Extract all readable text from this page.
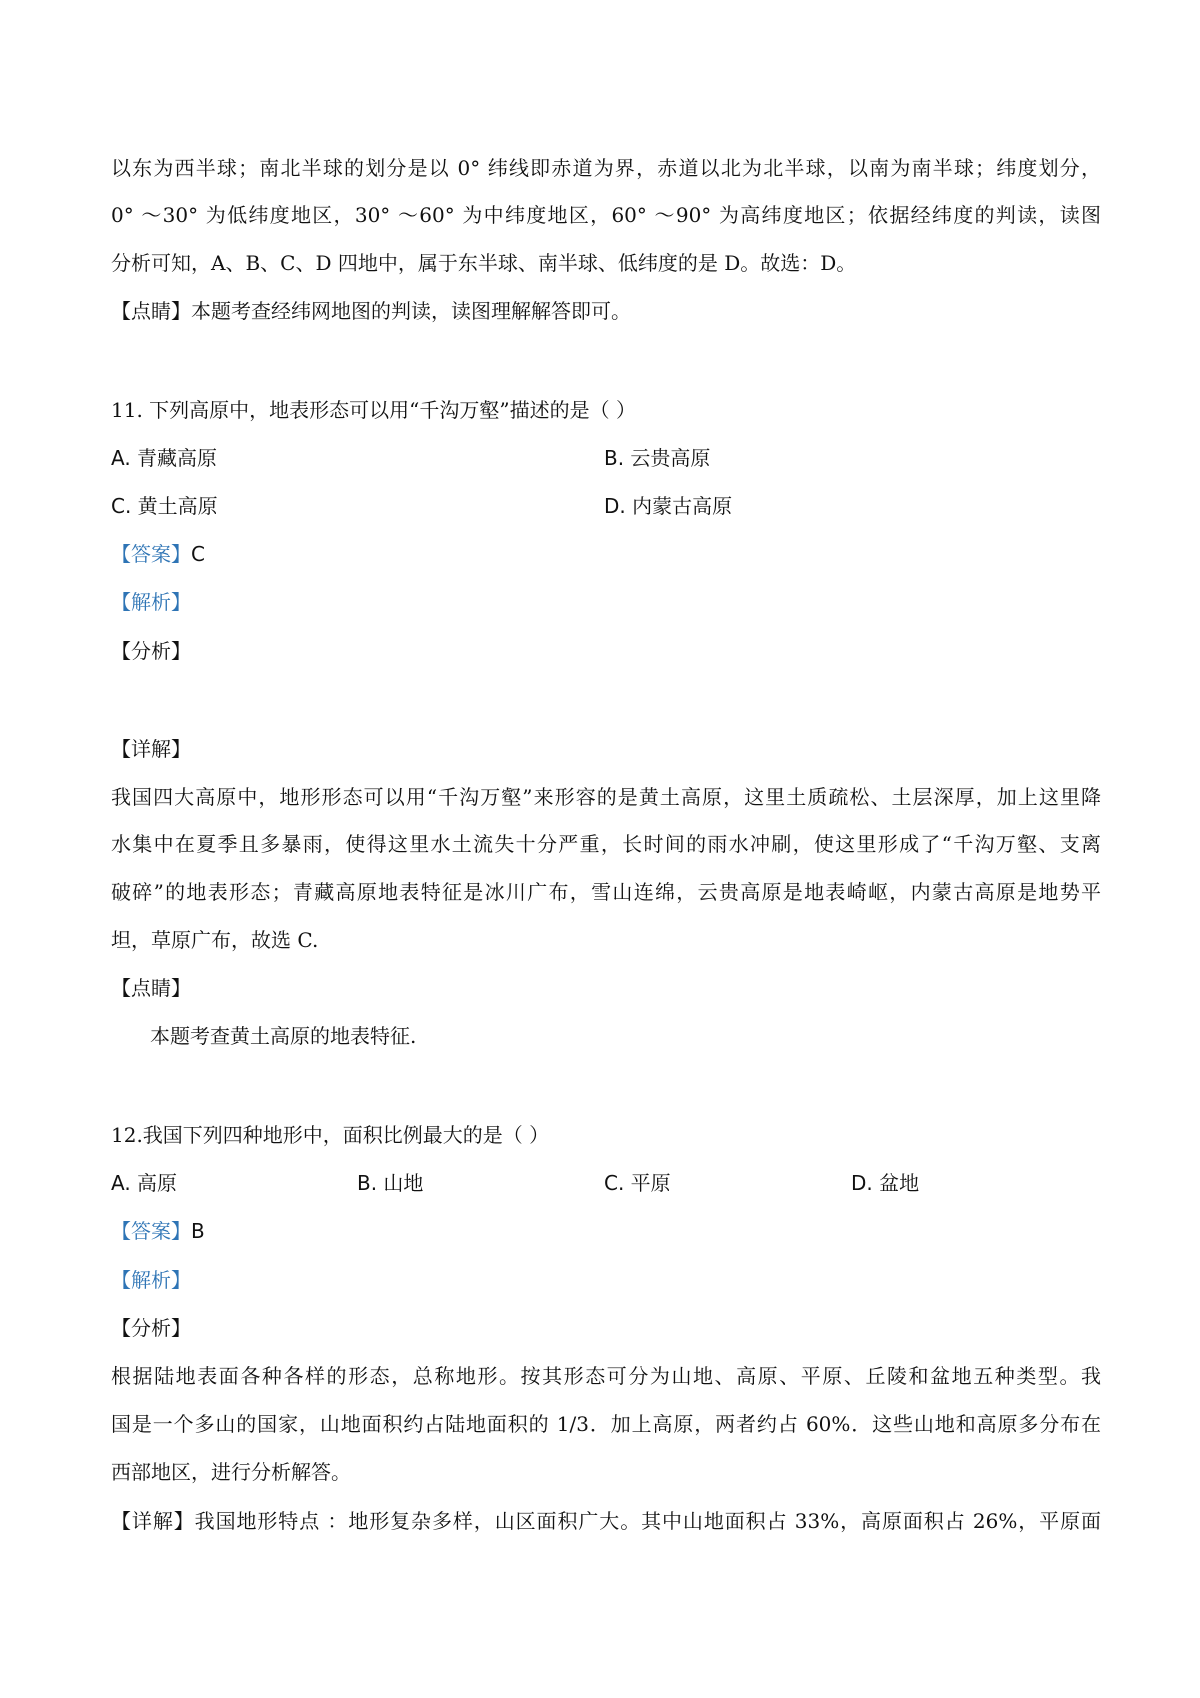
以东为西半球；南北半球的划分是以 0° 纬线即赤道为界，赤道以北为北半球，以南为南半球；纬度划分，
0° ～30° 为低纬度地区，30° ～60° 为中纬度地区，60° ～90° 为高纬度地区；依据经纬度的判读，读图
分析可知，A、B、C、D 四地中，属于东半球、南半球、低纬度的是 D。故选：D。
【点睛】本题考查经纬网地图的判读，读图理解解答即可。
11. 下列高原中，地表形态可以用“千沟万壑”描述的是（ ）
A. 青藏高原	B. 云贵高原
C. 黄土高原	D. 内蒙古高原
【答案】C
【解析】
【分析】
【详解】
我国四大高原中，地形形态可以用“千沟万壑”来形容的是黄土高原，这里土质疏松、土层深厚，加上这里降
水集中在夏季且多暴雨，使得这里水土流失十分严重，长时间的雨水冲刷，使这里形成了“千沟万壑、支离
破碎”的地表形态；青藏高原地表特征是冰川广布，雪山连绵，云贵高原是地表崎岖，内蒙古高原是地势平
坦，草原广布，故选 C.
【点睛】
本题考查黄土高原的地表特征.
12.我国下列四种地形中，面积比例最大的是（ ）
A. 高原	B. 山地	C. 平原	D. 盆地
【答案】B
【解析】
【分析】
根据陆地表面各种各样的形态，总称地形。按其形态可分为山地、高原、平原、丘陵和盆地五种类型。我
国是一个多山的国家，山地面积约占陆地面积的 1/3．加上高原，两者约占 60%．这些山地和高原多分布在
西部地区，进行分析解答。
【详解】我国地形特点 ：地形复杂多样，山区面积广大。其中山地面积占 33%，高原面积占 26%，平原面
